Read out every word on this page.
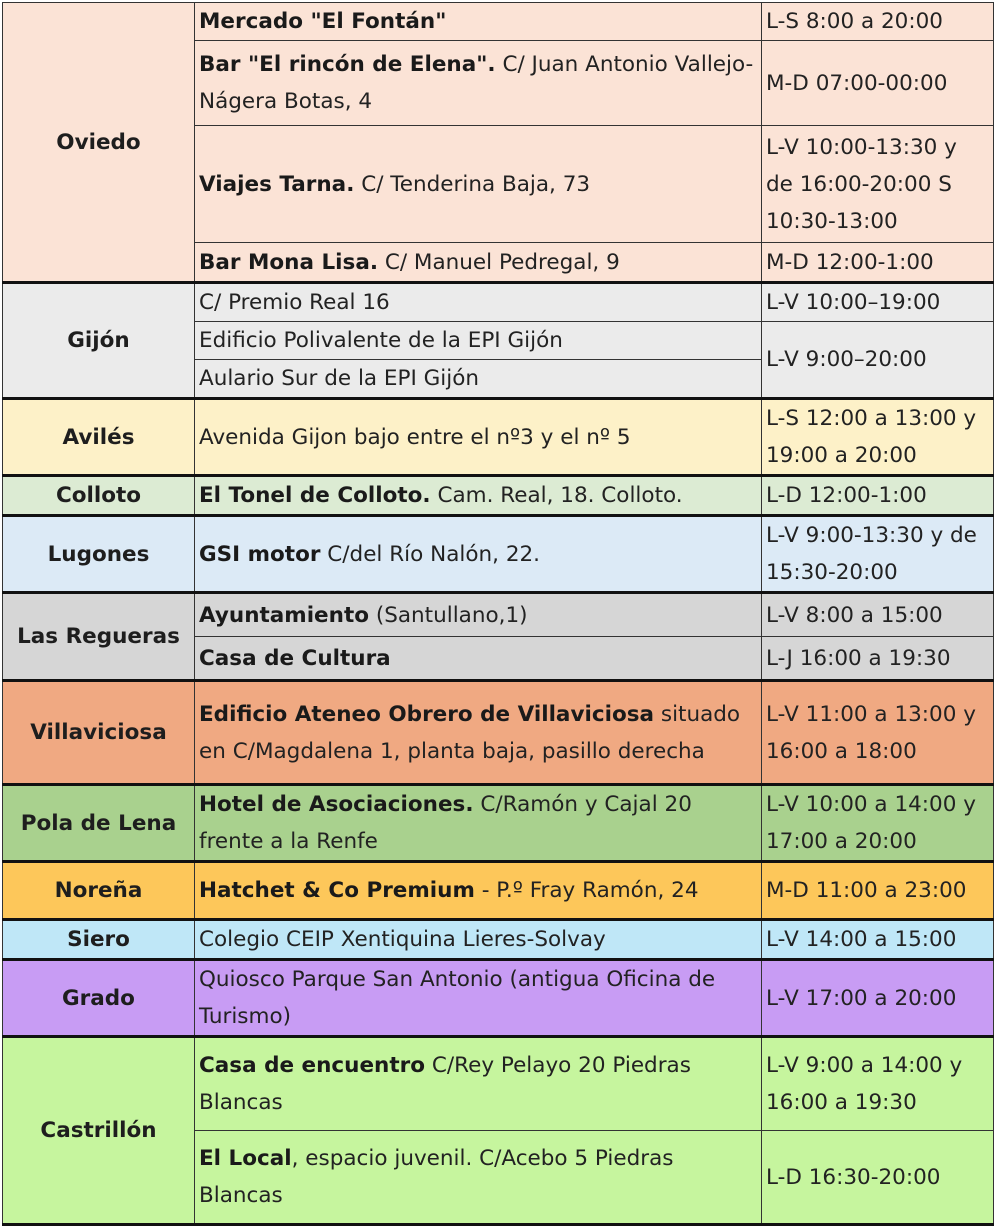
Oviedo	Mercado "El Fontán"	L-S 8:00 a 20:00
	Bar "El rincón de Elena". C/ Juan Antonio Vallejo-Nágera Botas, 4	M-D 07:00-00:00
	Viajes Tarna. C/ Tenderina Baja, 73	L-V 10:00-13:30 y de 16:00-20:00 S 10:30-13:00
	Bar Mona Lisa. C/ Manuel Pedregal, 9	M-D 12:00-1:00
Gijón	C/ Premio Real 16	L-V 10:00–19:00
	Edificio Polivalente de la EPI Gijón	L-V 9:00–20:00
	Aulario Sur de la EPI Gijón	
Avilés	Avenida Gijon bajo entre el nº3 y el nº 5	L-S 12:00 a 13:00 y 19:00 a 20:00
Colloto	El Tonel de Colloto. Cam. Real, 18. Colloto.	L-D 12:00-1:00
Lugones	GSI motor C/del Río Nalón, 22.	L-V 9:00-13:30 y de 15:30-20:00
Las Regueras	Ayuntamiento (Santullano,1)	L-V 8:00 a 15:00
	Casa de Cultura	L-J 16:00 a 19:30
Villaviciosa	Edificio Ateneo Obrero de Villaviciosa situado en C/Magdalena 1, planta baja, pasillo derecha	L-V 11:00 a 13:00 y 16:00 a 18:00
Pola de Lena	Hotel de Asociaciones. C/Ramón y Cajal 20 frente a la Renfe	L-V 10:00 a 14:00 y 17:00 a 20:00
Noreña	Hatchet & Co Premium - P.º Fray Ramón, 24	M-D 11:00 a 23:00
Siero	Colegio CEIP Xentiquina Lieres-Solvay	L-V 14:00 a 15:00
Grado	Quiosco Parque San Antonio (antigua Oficina de Turismo)	L-V 17:00 a 20:00
Castrillón	Casa de encuentro C/Rey Pelayo 20 Piedras Blancas	L-V 9:00 a 14:00 y 16:00 a 19:30
	El Local, espacio juvenil. C/Acebo 5 Piedras Blancas	L-D 16:30-20:00
